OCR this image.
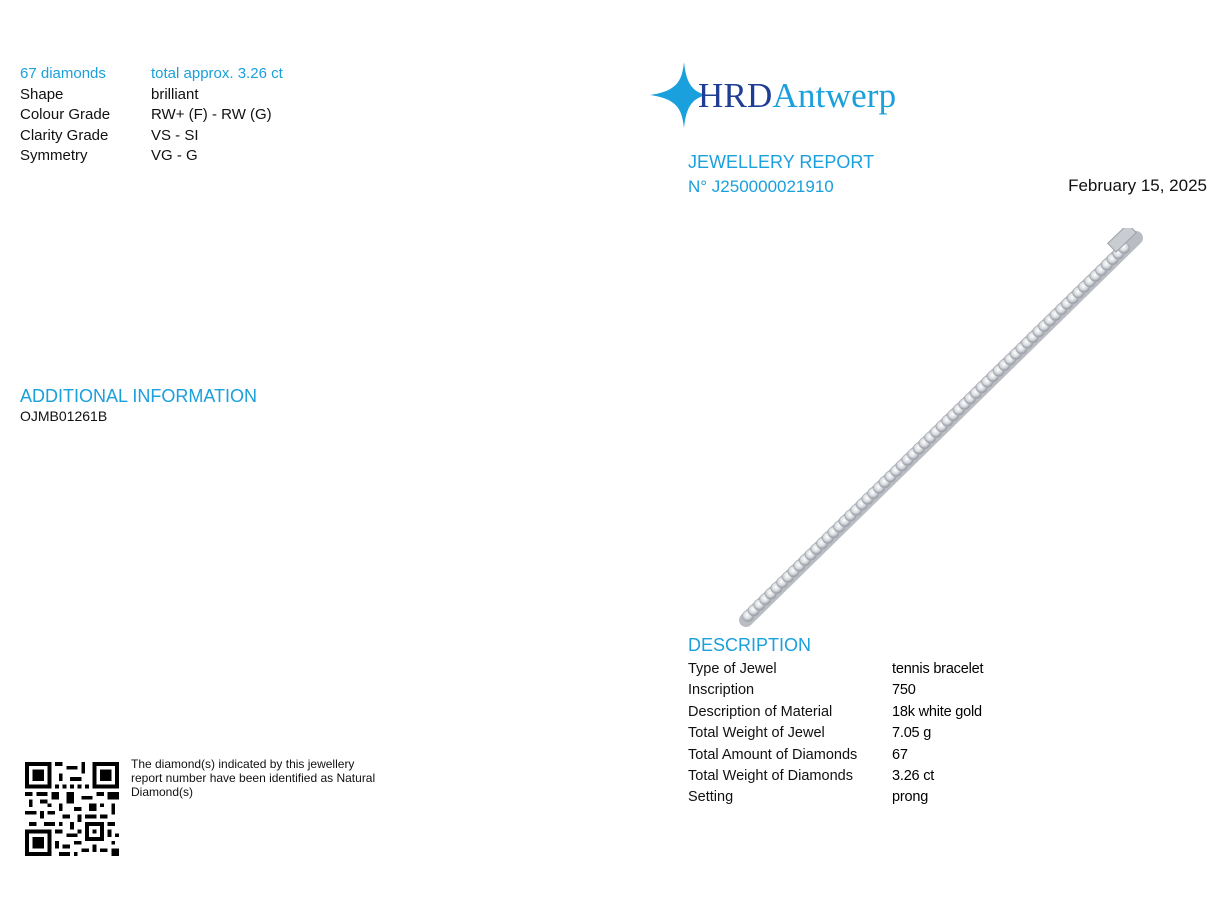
67 diamonds	total approx. 3.26 ct
Shape	brilliant
Colour Grade	RW+ (F) - RW (G)
Clarity Grade	VS - SI
Symmetry	VG - G
ADDITIONAL INFORMATION
OJMB01261B
The diamond(s) indicated by this jewellery report number have been identified as Natural Diamond(s)
HRDAntwerp
JEWELLERY REPORT
N° J250000021910	February 15, 2025
DESCRIPTION
Type of Jewel	tennis bracelet
Inscription	750
Description of Material	18k white gold
Total Weight of Jewel	7.05 g
Total Amount of Diamonds	67
Total Weight of Diamonds	3.26 ct
Setting	prong
